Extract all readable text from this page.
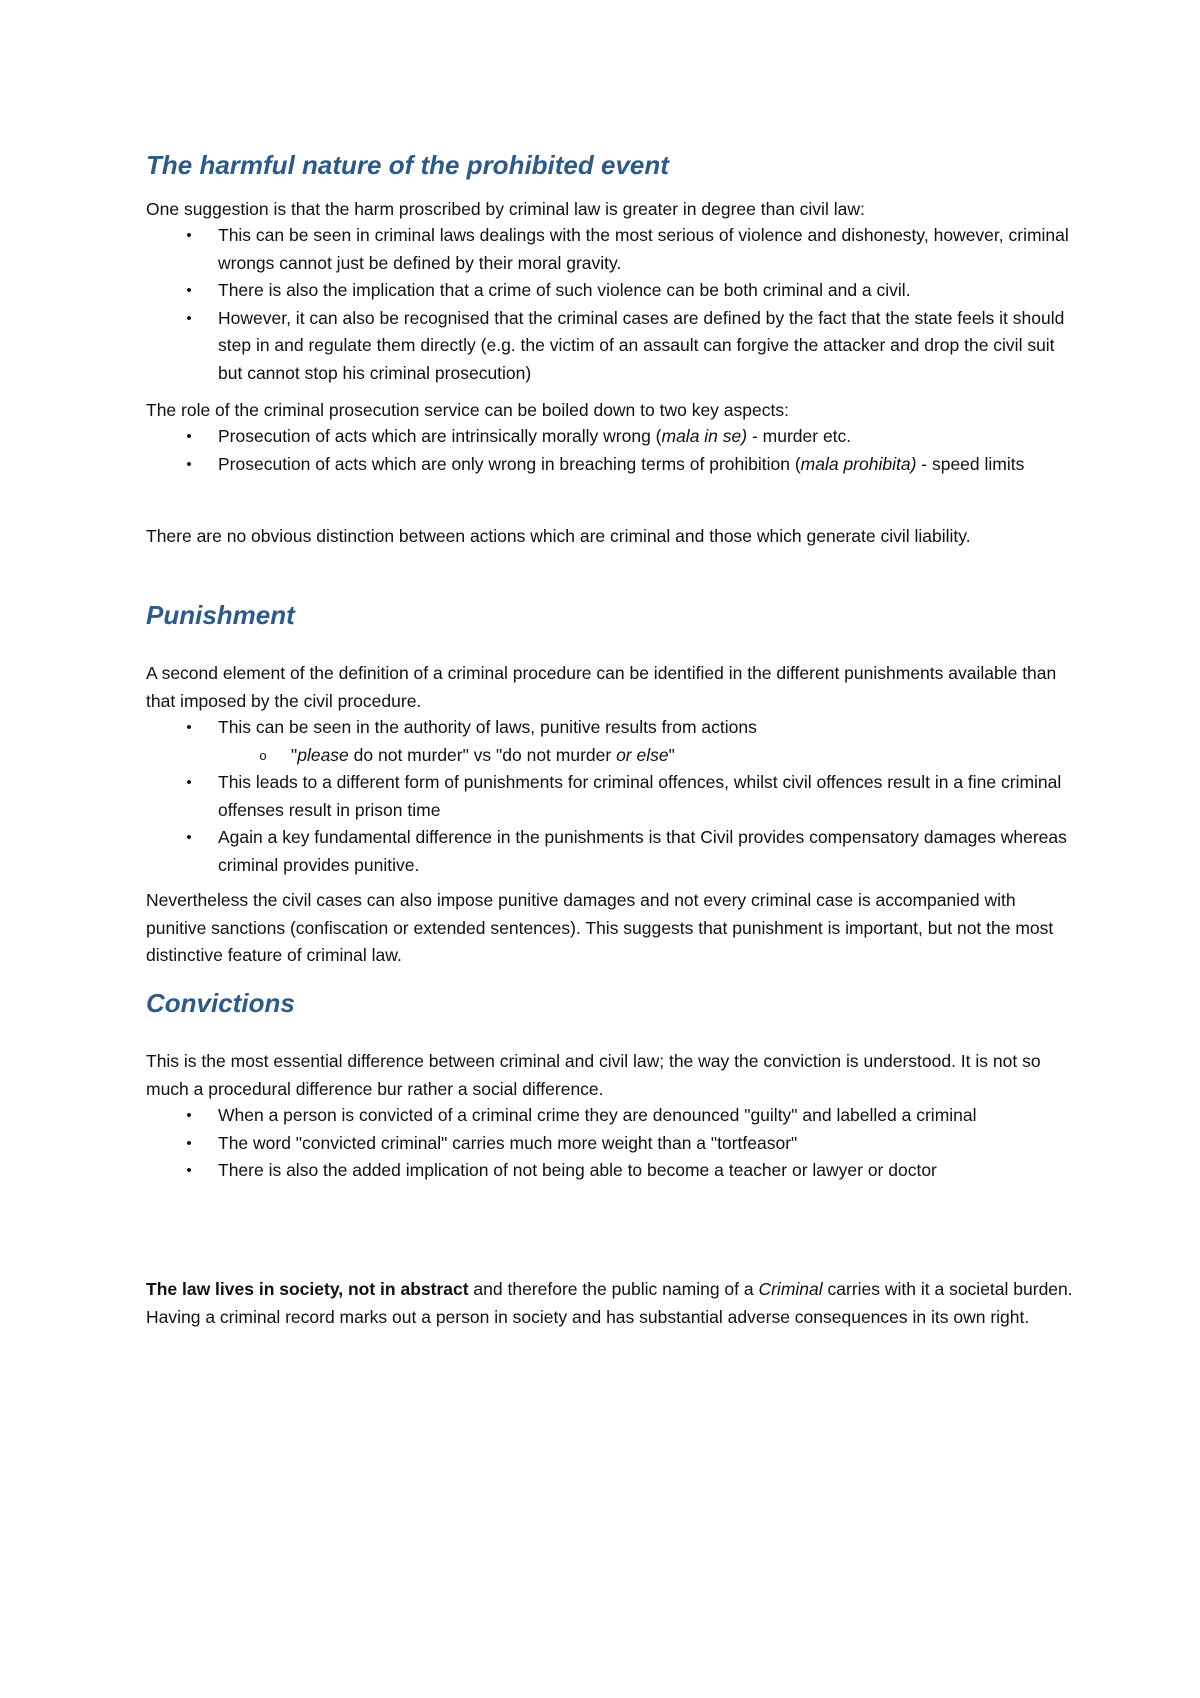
The harmful nature of the prohibited event

One suggestion is that the harm proscribed by criminal law is greater in degree than civil law:

• This can be seen in criminal laws dealings with the most serious of violence and dishonesty, however, criminal wrongs cannot just be defined by their moral gravity.
• There is also the implication that a crime of such violence can be both criminal and a civil.
• However, it can also be recognised that the criminal cases are defined by the fact that the state feels it should step in and regulate them directly (e.g. the victim of an assault can forgive the attacker and drop the civil suit but cannot stop his criminal prosecution)

The role of the criminal prosecution service can be boiled down to two key aspects:

• Prosecution of acts which are intrinsically morally wrong (mala in se) - murder etc.
• Prosecution of acts which are only wrong in breaching terms of prohibition (mala prohibita) - speed limits

There are no obvious distinction between actions which are criminal and those which generate civil liability.

Punishment

A second element of the definition of a criminal procedure can be identified in the different punishments available than that imposed by the civil procedure.

• This can be seen in the authority of laws, punitive results from actions
o "please do not murder" vs "do not murder or else"
• This leads to a different form of punishments for criminal offences, whilst civil offences result in a fine criminal offenses result in prison time
• Again a key fundamental difference in the punishments is that Civil provides compensatory damages whereas criminal provides punitive.

Nevertheless the civil cases can also impose punitive damages and not every criminal case is accompanied with punitive sanctions (confiscation or extended sentences). This suggests that punishment is important, but not the most distinctive feature of criminal law.

Convictions

This is the most essential difference between criminal and civil law; the way the conviction is understood. It is not so much a procedural difference bur rather a social difference.

• When a person is convicted of a criminal crime they are denounced "guilty" and labelled a criminal
• The word "convicted criminal" carries much more weight than a "tortfeasor"
• There is also the added implication of not being able to become a teacher or lawyer or doctor

The law lives in society, not in abstract and therefore the public naming of a Criminal carries with it a societal burden. Having a criminal record marks out a person in society and has substantial adverse consequences in its own right.
